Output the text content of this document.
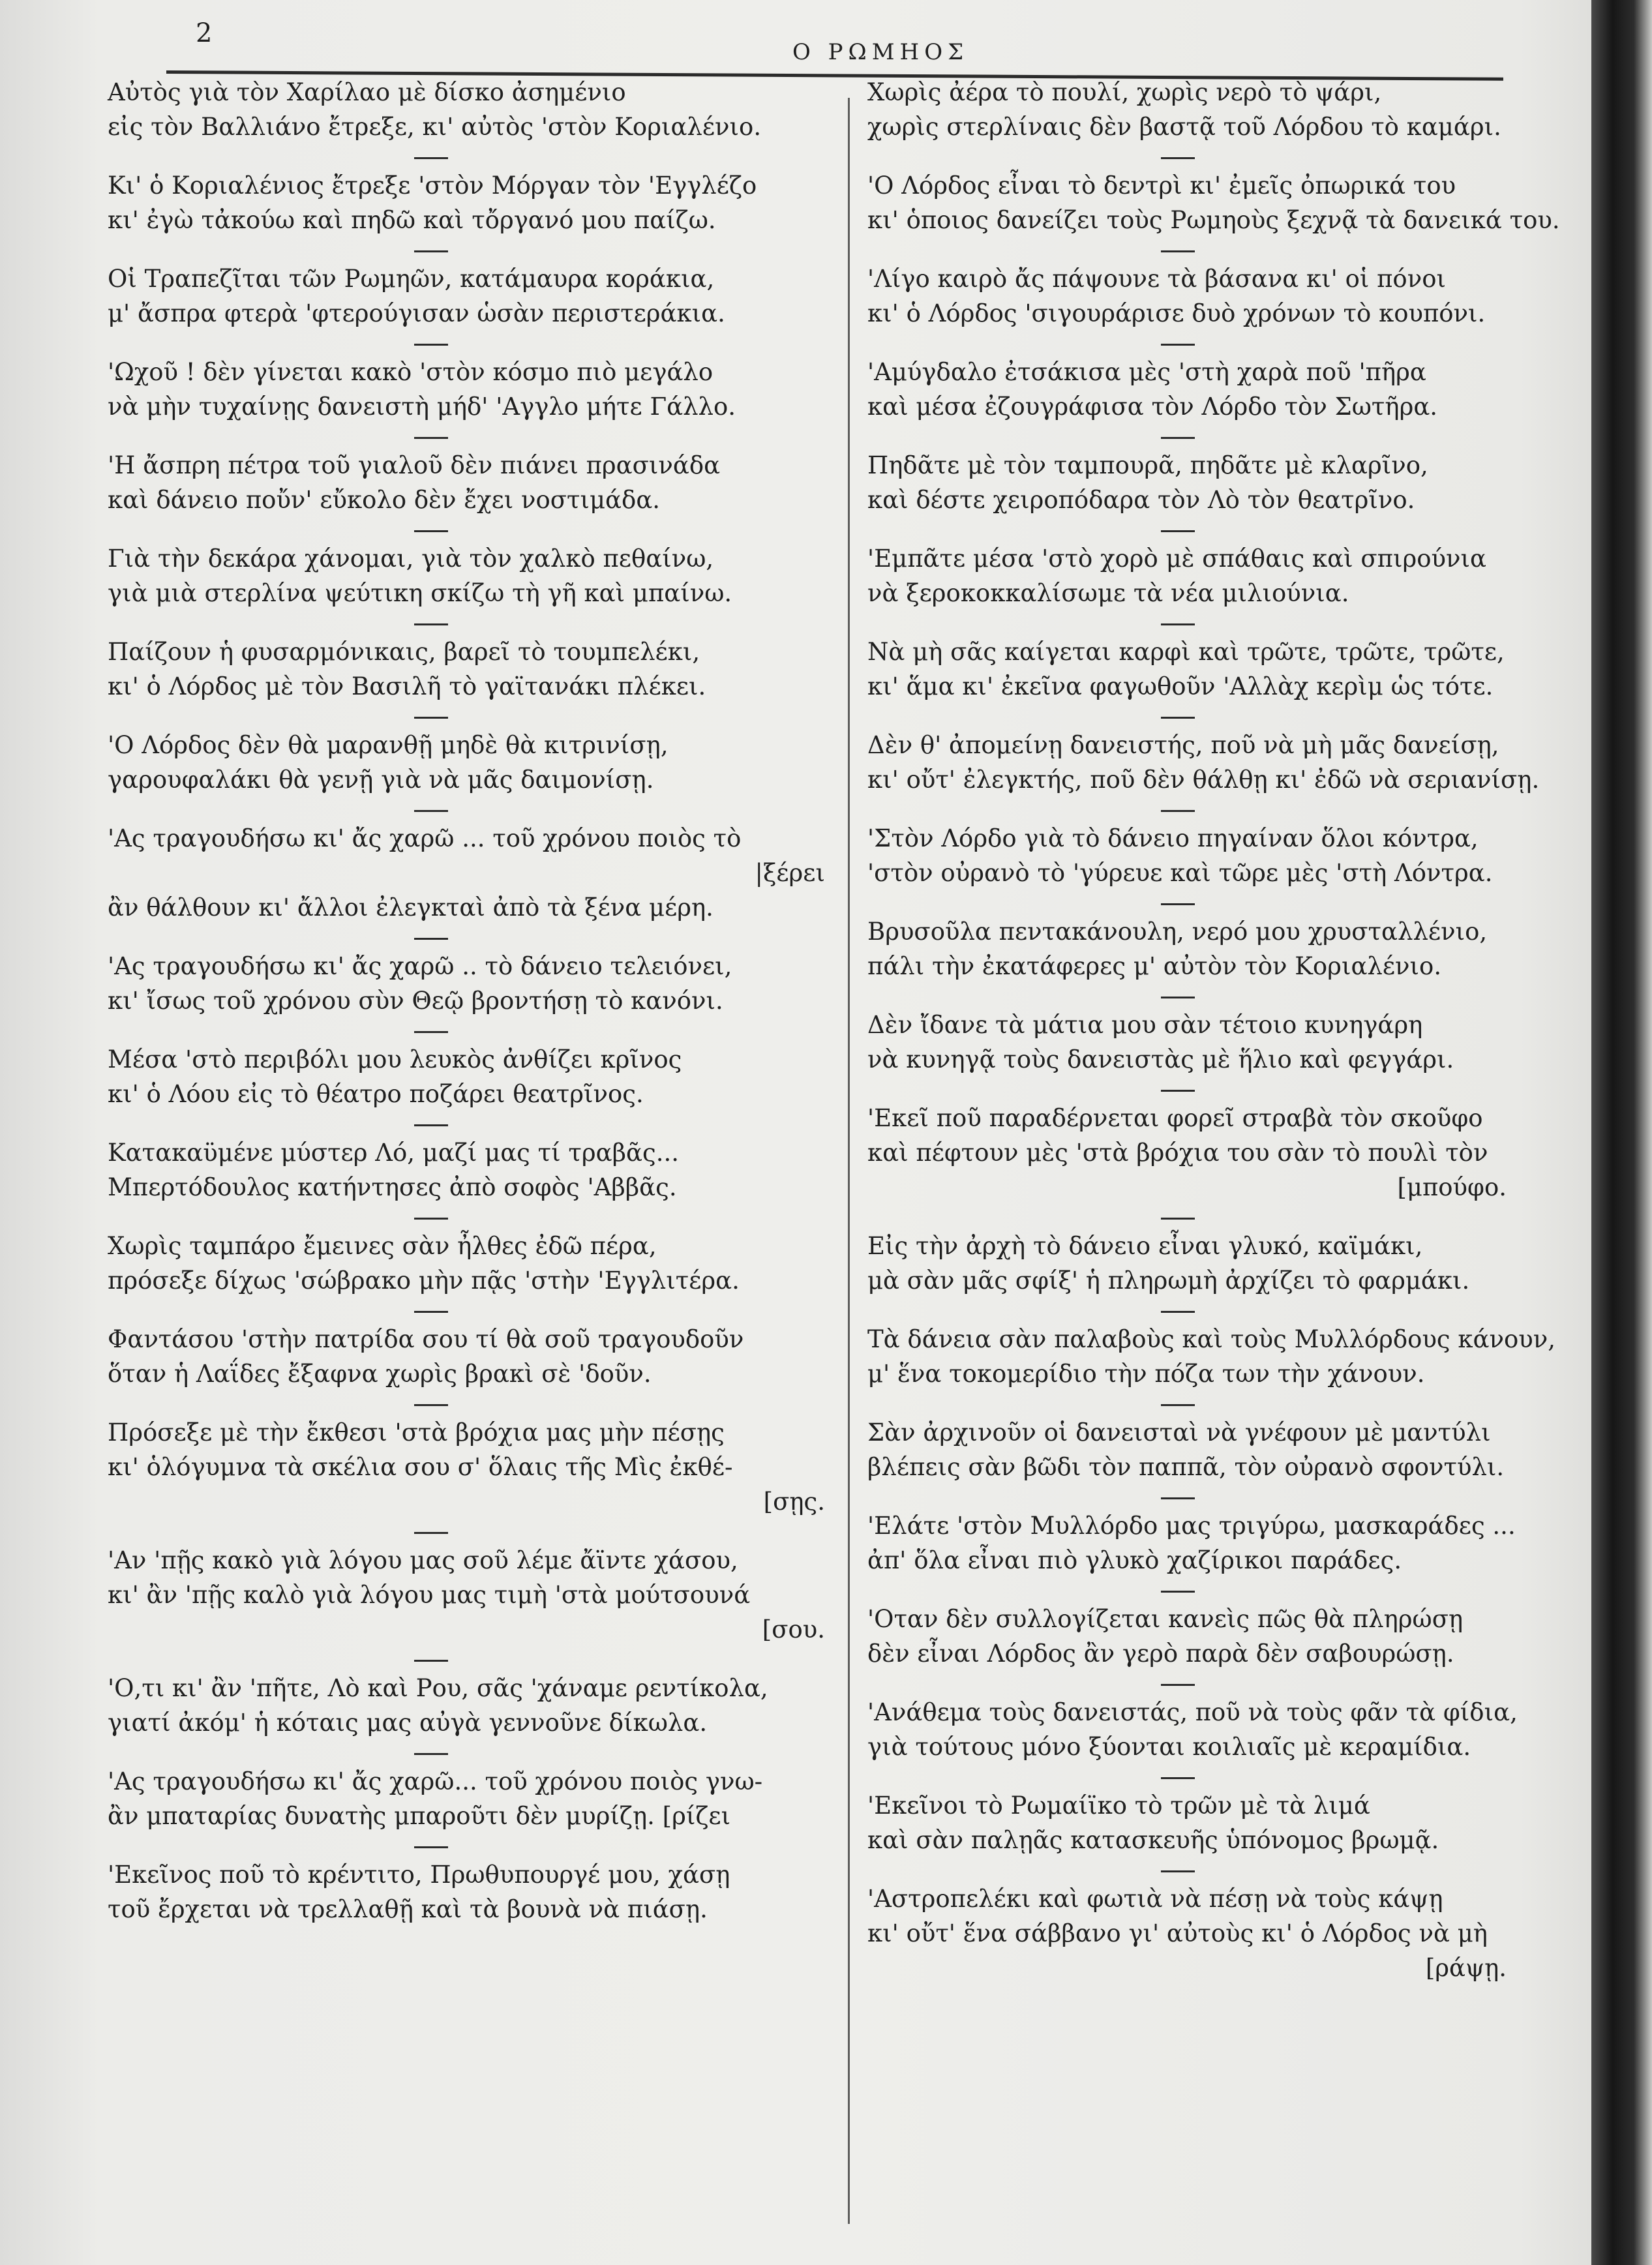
2
Ο ΡΩΜΗΟΣ
Αὐτὸς γιὰ τὸν Χαρίλαο μὲ δίσκο ἀσημένιο
εἰς τὸν Βαλλιάνο ἔτρεξε, κι' αὐτὸς 'στὸν Κοριαλένιο.
Κι' ὁ Κοριαλένιος ἔτρεξε 'στὸν Μόργαν τὸν 'Εγγλέζο
κι' ἐγὼ τἀκούω καὶ πηδῶ καὶ τὄργανό μου παίζω.
Οἱ Τραπεζῖται τῶν Ρωμηῶν, κατάμαυρα κοράκια,
μ' ἄσπρα φτερὰ 'φτερούγισαν ὡσὰν περιστεράκια.
'Ωχοῦ ! δὲν γίνεται κακὸ 'στὸν κόσμο πιὸ μεγάλο
νὰ μὴν τυχαίνῃς δανειστὴ μήδ' 'Αγγλο μήτε Γάλλο.
'Η ἄσπρη πέτρα τοῦ γιαλοῦ δὲν πιάνει πρασινάδα
καὶ δάνειο ποὔν' εὔκολο δὲν ἔχει νοστιμάδα.
Γιὰ τὴν δεκάρα χάνομαι, γιὰ τὸν χαλκὸ πεθαίνω,
γιὰ μιὰ στερλίνα ψεύτικη σκίζω τὴ γῆ καὶ μπαίνω.
Παίζουν ἡ φυσαρμόνικαις, βαρεῖ τὸ τουμπελέκι,
κι' ὁ Λόρδος μὲ τὸν Βασιλῆ τὸ γαϊτανάκι πλέκει.
'Ο Λόρδος δὲν θὰ μαρανθῇ μηδὲ θὰ κιτρινίσῃ,
γαρουφαλάκι θὰ γενῇ γιὰ νὰ μᾶς δαιμονίσῃ.
'Ας τραγουδήσω κι' ἄς χαρῶ ... τοῦ χρόνου ποιὸς τὸ
|ξέρει
ἂν θάλθουν κι' ἄλλοι ἐλεγκταὶ ἀπὸ τὰ ξένα μέρη.
'Ας τραγουδήσω κι' ἄς χαρῶ .. τὸ δάνειο τελειόνει,
κι' ἴσως τοῦ χρόνου σὺν Θεῷ βροντήσῃ τὸ κανόνι.
Μέσα 'στὸ περιβόλι μου λευκὸς ἀνθίζει κρῖνος
κι' ὁ Λόου εἰς τὸ θέατρο ποζάρει θεατρῖνος.
Κατακαϋμένε μύστερ Λό, μαζί μας τί τραβᾶς...
Μπερτόδουλος κατήντησες ἀπὸ σοφὸς 'Αββᾶς.
Χωρὶς ταμπάρο ἔμεινες σὰν ἦλθες ἐδῶ πέρα,
πρόσεξε δίχως 'σώβρακο μὴν πᾷς 'στὴν 'Εγγλιτέρα.
Φαντάσου 'στὴν πατρίδα σου τί θὰ σοῦ τραγουδοῦν
ὅταν ἡ Λαΐδες ἔξαφνα χωρὶς βρακὶ σὲ 'δοῦν.
Πρόσεξε μὲ τὴν ἔκθεσι 'στὰ βρόχια μας μὴν πέσῃς
κι' ὁλόγυμνα τὰ σκέλια σου σ' ὅλαις τῆς Μὶς ἐκθέ-
[σῃς.
'Αν 'πῇς κακὸ γιὰ λόγου μας σοῦ λέμε ἄϊντε χάσου,
κι' ἂν 'πῇς καλὸ γιὰ λόγου μας τιμὴ 'στὰ μούτσουνά
[σου.
'Ο,τι κι' ἂν 'πῆτε, Λὸ καὶ Ρου, σᾶς 'χάναμε ρεντίκολα,
γιατί ἀκόμ' ἡ κόταις μας αὐγὰ γεννοῦνε δίκωλα.
'Ας τραγουδήσω κι' ἄς χαρῶ... τοῦ χρόνου ποιὸς γνω-
ἂν μπαταρίας δυνατὴς μπαροῦτι δὲν μυρίζῃ. [ρίζει
'Εκεῖνος ποῦ τὸ κρέντιτο, Πρωθυπουργέ μου, χάσῃ
τοῦ ἔρχεται νὰ τρελλαθῇ καὶ τὰ βουνὰ νὰ πιάσῃ.
Χωρὶς ἀέρα τὸ πουλί, χωρὶς νερὸ τὸ ψάρι,
χωρὶς στερλίναις δὲν βαστᾷ τοῦ Λόρδου τὸ καμάρι.
'Ο Λόρδος εἶναι τὸ δεντρὶ κι' ἐμεῖς ὀπωρικά του
κι' ὁποιος δανείζει τοὺς Ρωμηοὺς ξεχνᾷ τὰ δανεικά του.
'Λίγο καιρὸ ἄς πάψουνε τὰ βάσανα κι' οἱ πόνοι
κι' ὁ Λόρδος 'σιγουράρισε δυὸ χρόνων τὸ κουπόνι.
'Αμύγδαλο ἐτσάκισα μὲς 'στὴ χαρὰ ποῦ 'πῆρα
καὶ μέσα ἐζουγράφισα τὸν Λόρδο τὸν Σωτῆρα.
Πηδᾶτε μὲ τὸν ταμπουρᾶ, πηδᾶτε μὲ κλαρῖνο,
καὶ δέστε χειροπόδαρα τὸν Λὸ τὸν θεατρῖνο.
'Εμπᾶτε μέσα 'στὸ χορὸ μὲ σπάθαις καὶ σπιρούνια
νὰ ξεροκοκκαλίσωμε τὰ νέα μιλιούνια.
Νὰ μὴ σᾶς καίγεται καρφὶ καὶ τρῶτε, τρῶτε, τρῶτε,
κι' ἅμα κι' ἐκεῖνα φαγωθοῦν 'Αλλὰχ κερὶμ ὡς τότε.
Δὲν θ' ἀπομείνῃ δανειστής, ποῦ νὰ μὴ μᾶς δανείσῃ,
κι' οὔτ' ἐλεγκτής, ποῦ δὲν θάλθῃ κι' ἐδῶ νὰ σεριανίσῃ.
'Στὸν Λόρδο γιὰ τὸ δάνειο πηγαίναν ὅλοι κόντρα,
'στὸν οὐρανὸ τὸ 'γύρευε καὶ τῶρε μὲς 'στὴ Λόντρα.
Βρυσοῦλα πεντακάνουλη, νερό μου χρυσταλλένιο,
πάλι τὴν ἐκατάφερες μ' αὐτὸν τὸν Κοριαλένιο.
Δὲν ἴδανε τὰ μάτια μου σὰν τέτοιο κυνηγάρη
νὰ κυνηγᾷ τοὺς δανειστὰς μὲ ἥλιο καὶ φεγγάρι.
'Εκεῖ ποῦ παραδέρνεται φορεῖ στραβὰ τὸν σκοῦφο
καὶ πέφτουν μὲς 'στὰ βρόχια του σὰν τὸ πουλὶ τὸν
[μπούφο.
Εἰς τὴν ἀρχὴ τὸ δάνειο εἶναι γλυκό, καϊμάκι,
μὰ σὰν μᾶς σφίξ' ἡ πληρωμὴ ἀρχίζει τὸ φαρμάκι.
Τὰ δάνεια σὰν παλαβοὺς καὶ τοὺς Μυλλόρδους κάνουν,
μ' ἕνα τοκομερίδιο τὴν πόζα των τὴν χάνουν.
Σὰν ἀρχινοῦν οἱ δανεισταὶ νὰ γνέφουν μὲ μαντύλι
βλέπεις σὰν βῶδι τὸν παππᾶ, τὸν οὐρανὸ σφοντύλι.
'Ελάτε 'στὸν Μυλλόρδο μας τριγύρω, μασκαράδες ...
ἀπ' ὅλα εἶναι πιὸ γλυκὸ χαζίρικοι παράδες.
'Οταν δὲν συλλογίζεται κανεὶς πῶς θὰ πληρώσῃ
δὲν εἶναι Λόρδος ἂν γερὸ παρὰ δὲν σαβουρώσῃ.
'Ανάθεμα τοὺς δανειστάς, ποῦ νὰ τοὺς φᾶν τὰ φίδια,
γιὰ τούτους μόνο ξύονται κοιλιαῖς μὲ κεραμίδια.
'Εκεῖνοι τὸ Ρωμαίϊκο τὸ τρῶν μὲ τὰ λιμά
καὶ σὰν παλῃᾶς κατασκευῆς ὑπόνομος βρωμᾷ.
'Αστροπελέκι καὶ φωτιὰ νὰ πέσῃ νὰ τοὺς κάψῃ
κι' οὔτ' ἕνα σάββανο γι' αὐτοὺς κι' ὁ Λόρδος νὰ μὴ
[ράψῃ.
